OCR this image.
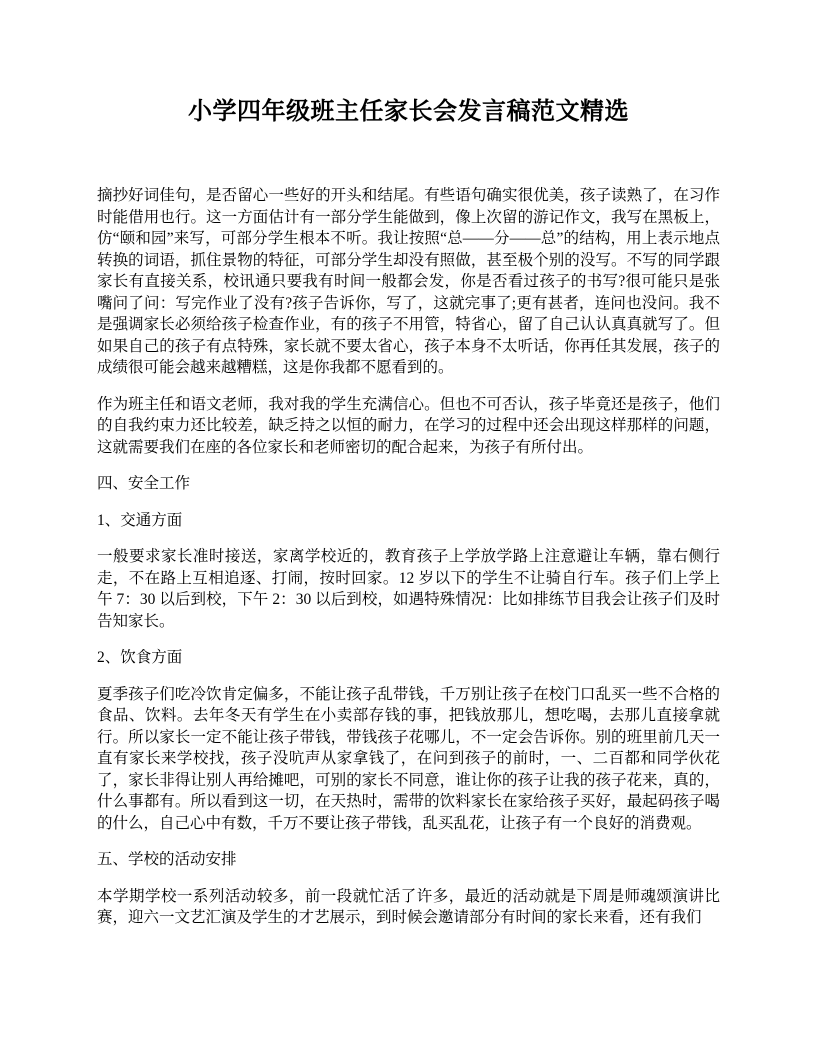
小学四年级班主任家长会发言稿范文精选

摘抄好词佳句，是否留心一些好的开头和结尾。有些语句确实很优美，孩子读熟了，在习作时能借用也行。这一方面估计有一部分学生能做到，像上次留的游记作文，我写在黑板上，仿“颐和园”来写，可部分学生根本不听。我让按照“总——分——总”的结构，用上表示地点转换的词语，抓住景物的特征，可部分学生却没有照做，甚至极个别的没写。不写的同学跟家长有直接关系，校讯通只要我有时间一般都会发，你是否看过孩子的书写?很可能只是张嘴问了问：写完作业了没有?孩子告诉你，写了，这就完事了;更有甚者，连问也没问。我不是强调家长必须给孩子检查作业，有的孩子不用管，特省心，留了自己认认真真就写了。但如果自己的孩子有点特殊，家长就不要太省心，孩子本身不太听话，你再任其发展，孩子的成绩很可能会越来越糟糕，这是你我都不愿看到的。

作为班主任和语文老师，我对我的学生充满信心。但也不可否认，孩子毕竟还是孩子，他们的自我约束力还比较差，缺乏持之以恒的耐力，在学习的过程中还会出现这样那样的问题，这就需要我们在座的各位家长和老师密切的配合起来，为孩子有所付出。

四、安全工作

1、交通方面

一般要求家长准时接送，家离学校近的，教育孩子上学放学路上注意避让车辆，靠右侧行走，不在路上互相追逐、打闹，按时回家。12 岁以下的学生不让骑自行车。孩子们上学上午 7：30 以后到校，下午 2：30 以后到校，如遇特殊情况：比如排练节目我会让孩子们及时告知家长。

2、饮食方面

夏季孩子们吃冷饮肯定偏多，不能让孩子乱带钱，千万别让孩子在校门口乱买一些不合格的食品、饮料。去年冬天有学生在小卖部存钱的事，把钱放那儿，想吃喝，去那儿直接拿就行。所以家长一定不能让孩子带钱，带钱孩子花哪儿，不一定会告诉你。别的班里前几天一直有家长来学校找，孩子没吭声从家拿钱了，在问到孩子的前时，一、二百都和同学伙花了，家长非得让别人再给摊吧，可别的家长不同意，谁让你的孩子让我的孩子花来，真的，什么事都有。所以看到这一切，在天热时，需带的饮料家长在家给孩子买好，最起码孩子喝的什么，自己心中有数，千万不要让孩子带钱，乱买乱花，让孩子有一个良好的消费观。

五、学校的活动安排

本学期学校一系列活动较多，前一段就忙活了许多，最近的活动就是下周是师魂颂演讲比赛，迎六一文艺汇演及学生的才艺展示，到时候会邀请部分有时间的家长来看，还有我们
